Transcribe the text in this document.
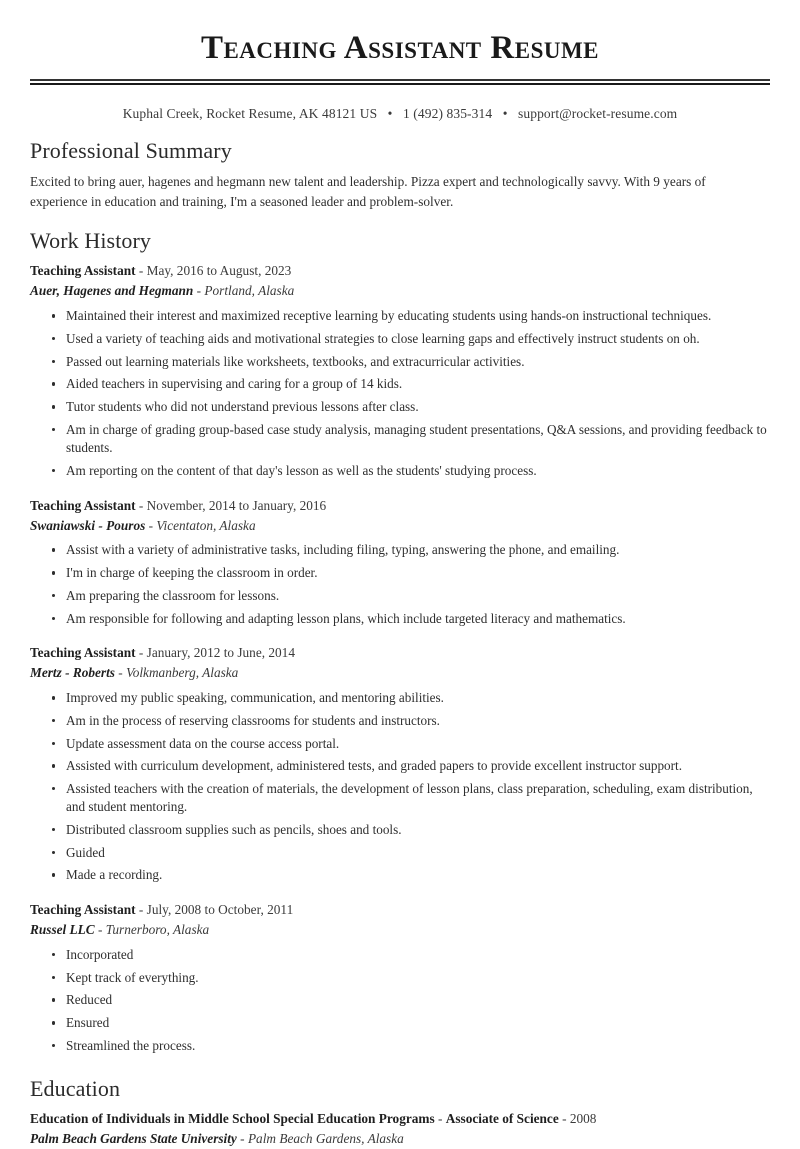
Teaching Assistant Resume
Kuphal Creek, Rocket Resume, AK 48121 US • 1 (492) 835-314 • support@rocket-resume.com
Professional Summary

Excited to bring auer, hagenes and hegmann new talent and leadership. Pizza expert and technologically savvy. With 9 years of experience in education and training, I'm a seasoned leader and problem-solver.

Work History
Teaching Assistant - May, 2016 to August, 2023
Auer, Hagenes and Hegmann - Portland, Alaska
Maintained their interest and maximized receptive learning by educating students using hands-on instructional techniques.
Used a variety of teaching aids and motivational strategies to close learning gaps and effectively instruct students on oh.
Passed out learning materials like worksheets, textbooks, and extracurricular activities.
Aided teachers in supervising and caring for a group of 14 kids.
Tutor students who did not understand previous lessons after class.
Am in charge of grading group-based case study analysis, managing student presentations, Q&A sessions, and providing feedback to students.
Am reporting on the content of that day's lesson as well as the students' studying process.
Teaching Assistant - November, 2014 to January, 2016
Swaniawski - Pouros - Vicentaton, Alaska
Assist with a variety of administrative tasks, including filing, typing, answering the phone, and emailing.
I'm in charge of keeping the classroom in order.
Am preparing the classroom for lessons.
Am responsible for following and adapting lesson plans, which include targeted literacy and mathematics.
Teaching Assistant - January, 2012 to June, 2014
Mertz - Roberts - Volkmanberg, Alaska
Improved my public speaking, communication, and mentoring abilities.
Am in the process of reserving classrooms for students and instructors.
Update assessment data on the course access portal.
Assisted with curriculum development, administered tests, and graded papers to provide excellent instructor support.
Assisted teachers with the creation of materials, the development of lesson plans, class preparation, scheduling, exam distribution, and student mentoring.
Distributed classroom supplies such as pencils, shoes and tools.
Guided
Made a recording.
Teaching Assistant - July, 2008 to October, 2011
Russel LLC - Turnerboro, Alaska
Incorporated
Kept track of everything.
Reduced
Ensured
Streamlined the process.
Education
Education of Individuals in Middle School Special Education Programs - Associate of Science - 2008
Palm Beach Gardens State University - Palm Beach Gardens, Alaska
